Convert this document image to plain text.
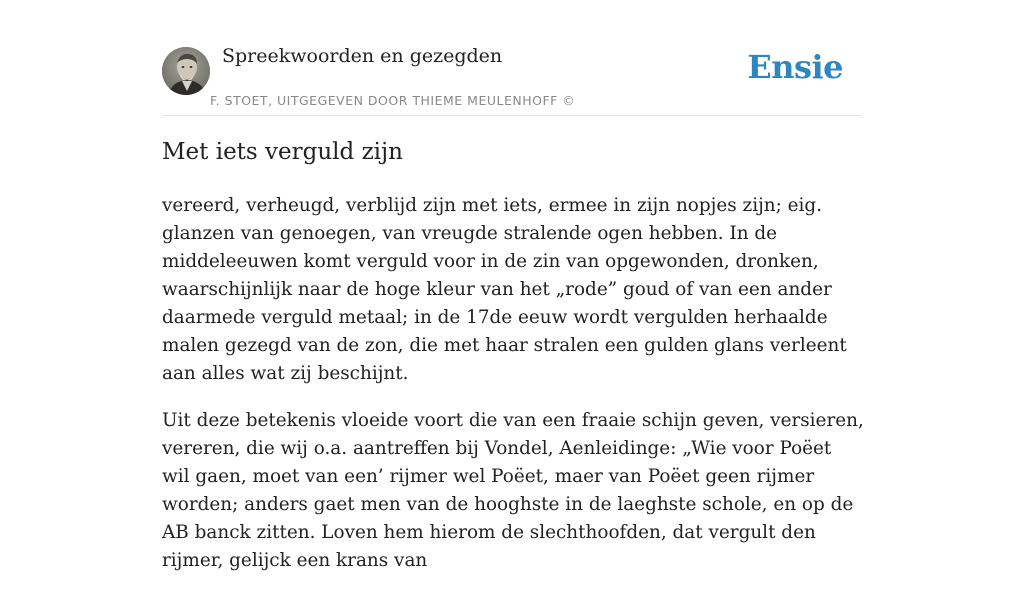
Spreekwoorden en gezegden
F. STOET, UITGEGEVEN DOOR THIEME MEULENHOFF ©
Ensie
Met iets verguld zijn

vereerd, verheugd, verblijd zijn met iets, ermee in zijn nopjes zijn; eig. glanzen van genoegen, van vreugde stralende ogen hebben. In de middeleeuwen komt verguld voor in de zin van opgewonden, dronken, waarschijnlijk naar de hoge kleur van het „rode” goud of van een ander daarmede verguld metaal; in de 17de eeuw wordt vergulden herhaalde malen gezegd van de zon, die met haar stralen een gulden glans verleent aan alles wat zij beschijnt.

Uit deze betekenis vloeide voort die van een fraaie schijn geven, versieren, vereren, die wij o.a. aantreffen bij Vondel, Aenleidinge: „Wie voor Poëet wil gaen, moet van een’ rijmer wel Poëet, maer van Poëet geen rijmer worden; anders gaet men van de hooghste in de laeghste schole, en op de AB banck zitten. Loven hem hierom de slechthoofden, dat vergult den rijmer, gelijck een krans van
